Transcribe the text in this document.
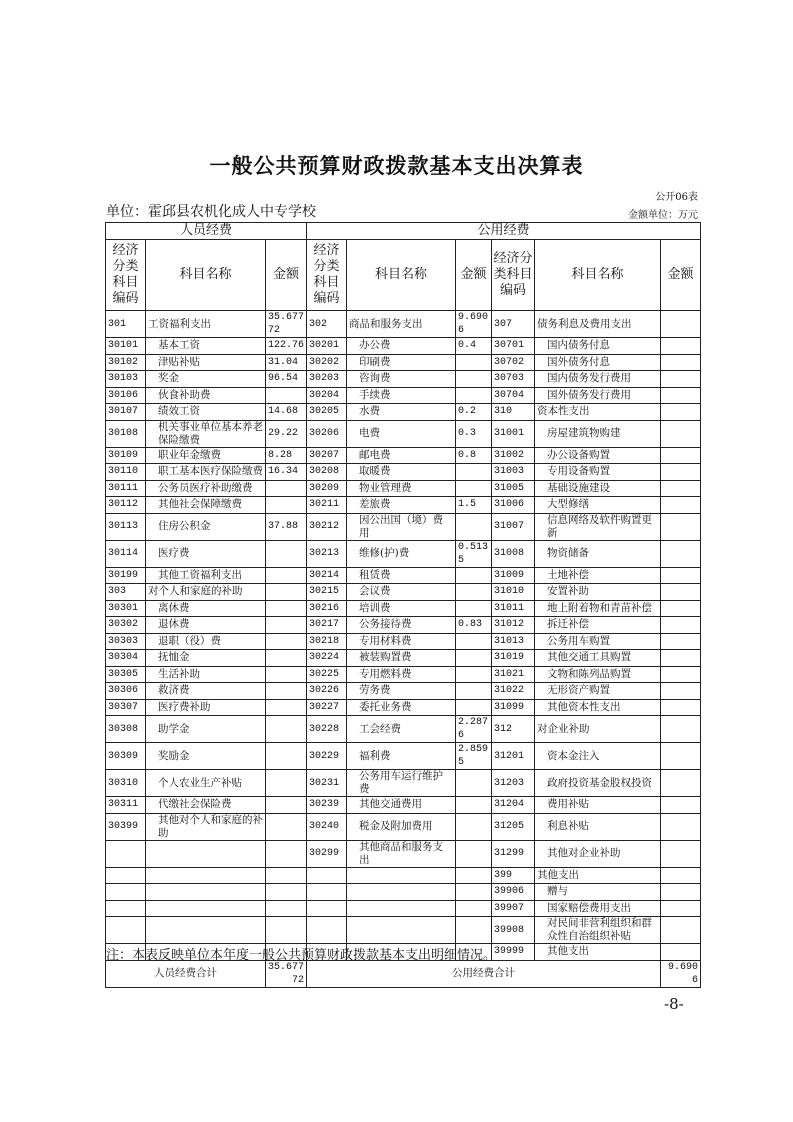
一般公共预算财政拨款基本支出决算表
公开06表
单位：霍邱县农机化成人中专学校	金额单位：万元
人员经费			公用经费					
经济分类科目编码	科目名称	金额	经济分类科目编码	科目名称	金额	经济分类科目编码	科目名称	金额
301	工资福利支出	35.67772	302	商品和服务支出	9.6906	307	债务利息及费用支出	
30101	基本工资	122.76	30201	办公费	0.4	30701	国内债务付息	
30102	津贴补贴	31.04	30202	印刷费		30702	国外债务付息	
30103	奖金	96.54	30203	咨询费		30703	国内债务发行费用	
30106	伙食补助费		30204	手续费		30704	国外债务发行费用	
30107	绩效工资	14.68	30205	水费	0.2	310	资本性支出	
30108	机关事业单位基本养老保险缴费	29.22	30206	电费	0.3	31001	房屋建筑物购建	
30109	职业年金缴费	8.28	30207	邮电费	0.8	31002	办公设备购置	
30110	职工基本医疗保险缴费	16.34	30208	取暖费		31003	专用设备购置	
30111	公务员医疗补助缴费		30209	物业管理费		31005	基础设施建设	
30112	其他社会保障缴费		30211	差旅费	1.5	31006	大型修缮	
30113	住房公积金	37.88	30212	因公出国（境）费用		31007	信息网络及软件购置更新	
30114	医疗费		30213	维修(护)费	0.5135	31008	物资储备	
30199	其他工资福利支出		30214	租赁费		31009	土地补偿	
303	对个人和家庭的补助		30215	会议费		31010	安置补助	
30301	离休费		30216	培训费		31011	地上附着物和青苗补偿	
30302	退休费		30217	公务接待费	0.83	31012	拆迁补偿	
30303	退职（役）费		30218	专用材料费		31013	公务用车购置	
30304	抚恤金		30224	被装购置费		31019	其他交通工具购置	
30305	生活补助		30225	专用燃料费		31021	文物和陈列品购置	
30306	救济费		30226	劳务费		31022	无形资产购置	
30307	医疗费补助		30227	委托业务费		31099	其他资本性支出	
30308	助学金		30228	工会经费	2.2876	312	对企业补助	
30309	奖励金		30229	福利费	2.8595	31201	资本金注入	
30310	个人农业生产补贴		30231	公务用车运行维护费		31203	政府投资基金股权投资	
30311	代缴社会保险费		30239	其他交通费用		31204	费用补贴	
30399	其他对个人和家庭的补助		30240	税金及附加费用		31205	利息补贴	
			30299	其他商品和服务支出		31299	其他对企业补助	
						399	其他支出	
						39906	赠与	
						39907	国家赔偿费用支出	
						39908	对民间非营利组织和群众性自治组织补贴	
						39999	其他支出	
人员经费合计		35.67772	公用经费合计					9.6906
注：本表反映单位本年度一般公共预算财政拨款基本支出明细情况。
-8-
